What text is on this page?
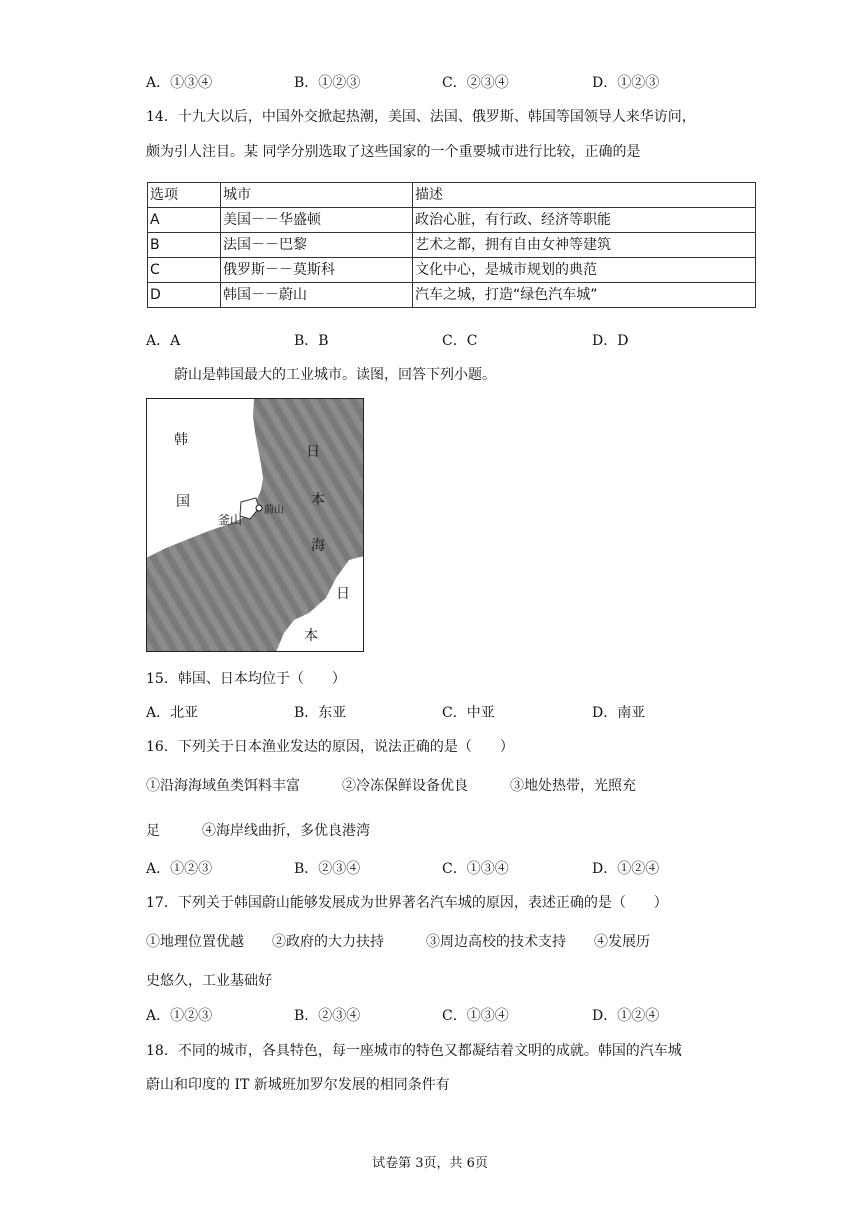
A．①③④	B．①②③	C．②③④	D．①②③
14．十九大以后，中国外交掀起热潮，美国、法国、俄罗斯、韩国等国领导人来华访问，
颇为引人注目。某 同学分别选取了这些国家的一个重要城市进行比较，正确的是
选项	城市	描述
A	美国－－华盛顿	政治心脏，有行政、经济等职能
B	法国－－巴黎	艺术之都，拥有自由女神等建筑
C	俄罗斯－－莫斯科	文化中心，是城市规划的典范
D	韩国－－蔚山	汽车之城，打造“绿色汽车城”
A．A	B．B	C．C	D．D
蔚山是韩国最大的工业城市。读图，回答下列小题。
韩
国
釜山
蔚山
日
本
海
日
本
15．韩国、日本均位于（　　）
A．北亚	B．东亚	C．中亚	D．南亚
16．下列关于日本渔业发达的原因，说法正确的是（　　）
①沿海海域鱼类饵料丰富　　　②冷冻保鲜设备优良　　　③地处热带，光照充
足　　　④海岸线曲折，多优良港湾
A．①②③	B．②③④	C．①③④	D．①②④
17．下列关于韩国蔚山能够发展成为世界著名汽车城的原因，表述正确的是（　　）
①地理位置优越　　②政府的大力扶持　　　③周边高校的技术支持　　④发展历
史悠久，工业基础好
A．①②③	B．②③④	C．①③④	D．①②④
18．不同的城市，各具特色，每一座城市的特色又都凝结着文明的成就。韩国的汽车城
蔚山和印度的 IT 新城班加罗尔发展的相同条件有
试卷第 3页，共 6页
